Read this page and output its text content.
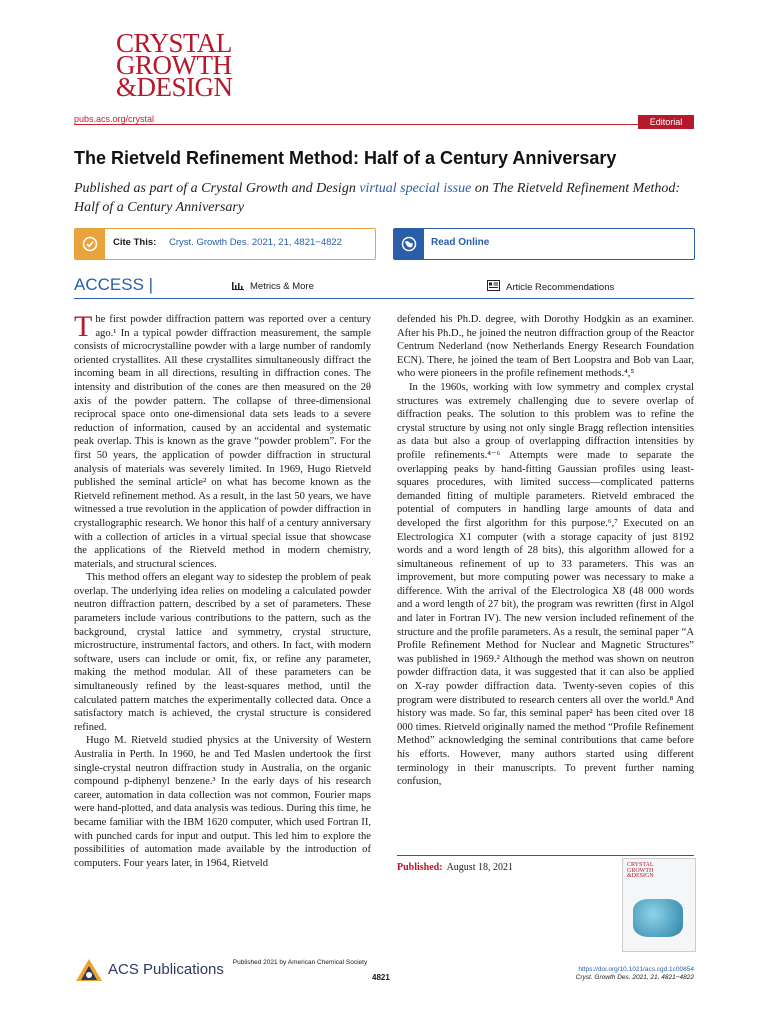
CRYSTAL
GROWTH
&DESIGN
pubs.acs.org/crystal	Editorial
The Rietveld Refinement Method: Half of a Century Anniversary
Published as part of a Crystal Growth and Design virtual special issue on The Rietveld Refinement Method: Half of a Century Anniversary
Cite This: Cryst. Growth Des. 2021, 21, 4821−4822	Read Online
ACCESS |	Metrics & More	Article Recommendations

The first powder diffraction pattern was reported over a century ago.¹ In a typical powder diffraction measurement, the sample consists of microcrystalline powder with a large number of randomly oriented crystallites. All these crystallites simultaneously diffract the incoming beam in all directions, resulting in diffraction cones. The intensity and distribution of the cones are then measured on the 2θ axis of the powder pattern. The collapse of three-dimensional reciprocal space onto one-dimensional data sets leads to a severe reduction of information, caused by an accidental and systematic peak overlap. This is known as the grave “powder problem”. For the first 50 years, the application of powder diffraction in structural analysis of materials was severely limited. In 1969, Hugo Rietveld published the seminal article² on what has become known as the Rietveld refinement method. As a result, in the last 50 years, we have witnessed a true revolution in the application of powder diffraction in crystallographic research. We honor this half of a century anniversary with a collection of articles in a virtual special issue that showcase the applications of the Rietveld method in modern chemistry, materials, and structural sciences.

This method offers an elegant way to sidestep the problem of peak overlap. The underlying idea relies on modeling a calculated powder neutron diffraction pattern, described by a set of parameters. These parameters include various contributions to the pattern, such as the background, crystal lattice and symmetry, crystal structure, microstructure, instrumental factors, and others. In fact, with modern software, users can include or omit, fix, or refine any parameter, making the method modular. All of these parameters can be simultaneously refined by the least-squares method, until the calculated pattern matches the experimentally collected data. Once a satisfactory match is achieved, the crystal structure is considered refined.

Hugo M. Rietveld studied physics at the University of Western Australia in Perth. In 1960, he and Ted Maslen undertook the first single-crystal neutron diffraction study in Australia, on the organic compound p-diphenyl benzene.³ In the early days of his research career, automation in data collection was not common, Fourier maps were hand-plotted, and data analysis was tedious. During this time, he became familiar with the IBM 1620 computer, which used Fortran II, with punched cards for input and output. This led him to explore the possibilities of automation made available by the introduction of computers. Four years later, in 1964, Rietveld

defended his Ph.D. degree, with Dorothy Hodgkin as an examiner. After his Ph.D., he joined the neutron diffraction group of the Reactor Centrum Nederland (now Netherlands Energy Research Foundation ECN). There, he joined the team of Bert Loopstra and Bob van Laar, who were pioneers in the profile refinement methods.⁴,⁵

In the 1960s, working with low symmetry and complex crystal structures was extremely challenging due to severe overlap of diffraction peaks. The solution to this problem was to refine the crystal structure by using not only single Bragg reflection intensities as data but also a group of overlapping diffraction intensities by profile refinements.⁴⁻⁶ Attempts were made to separate the overlapping peaks by hand-fitting Gaussian profiles using least-squares procedures, with limited success—complicated patterns demanded fitting of multiple parameters. Rietveld embraced the potential of computers in handling large amounts of data and developed the first algorithm for this purpose.⁶,⁷ Executed on an Electrologica X1 computer (with a storage capacity of just 8192 words and a word length of 28 bits), this algorithm allowed for a simultaneous refinement of up to 33 parameters. This was an improvement, but more computing power was necessary to make a difference. With the arrival of the Electrologica X8 (48 000 words and a word length of 27 bit), the program was rewritten (first in Algol and later in Fortran IV). The new version included refinement of the structure and the profile parameters. As a result, the seminal paper “A Profile Refinement Method for Nuclear and Magnetic Structures” was published in 1969.² Although the method was shown on neutron powder diffraction data, it was suggested that it can also be applied on X-ray powder diffraction data. Twenty-seven copies of this program were distributed to research centers all over the world.⁸ And history was made. So far, this seminal paper² has been cited over 18 000 times. Rietveld originally named the method “Profile Refinement Method” acknowledging the seminal contributions that came before his efforts. However, many authors started using different terminology in their manuscripts. To prevent further naming confusion,

Published: August 18, 2021	CRYSTAL
GROWTH
&DESIGN
ACS Publications	Published 2021 by American Chemical Society
4821
https://doi.org/10.1021/acs.cgd.1c00854
Cryst. Growth Des. 2021, 21, 4821−4822
